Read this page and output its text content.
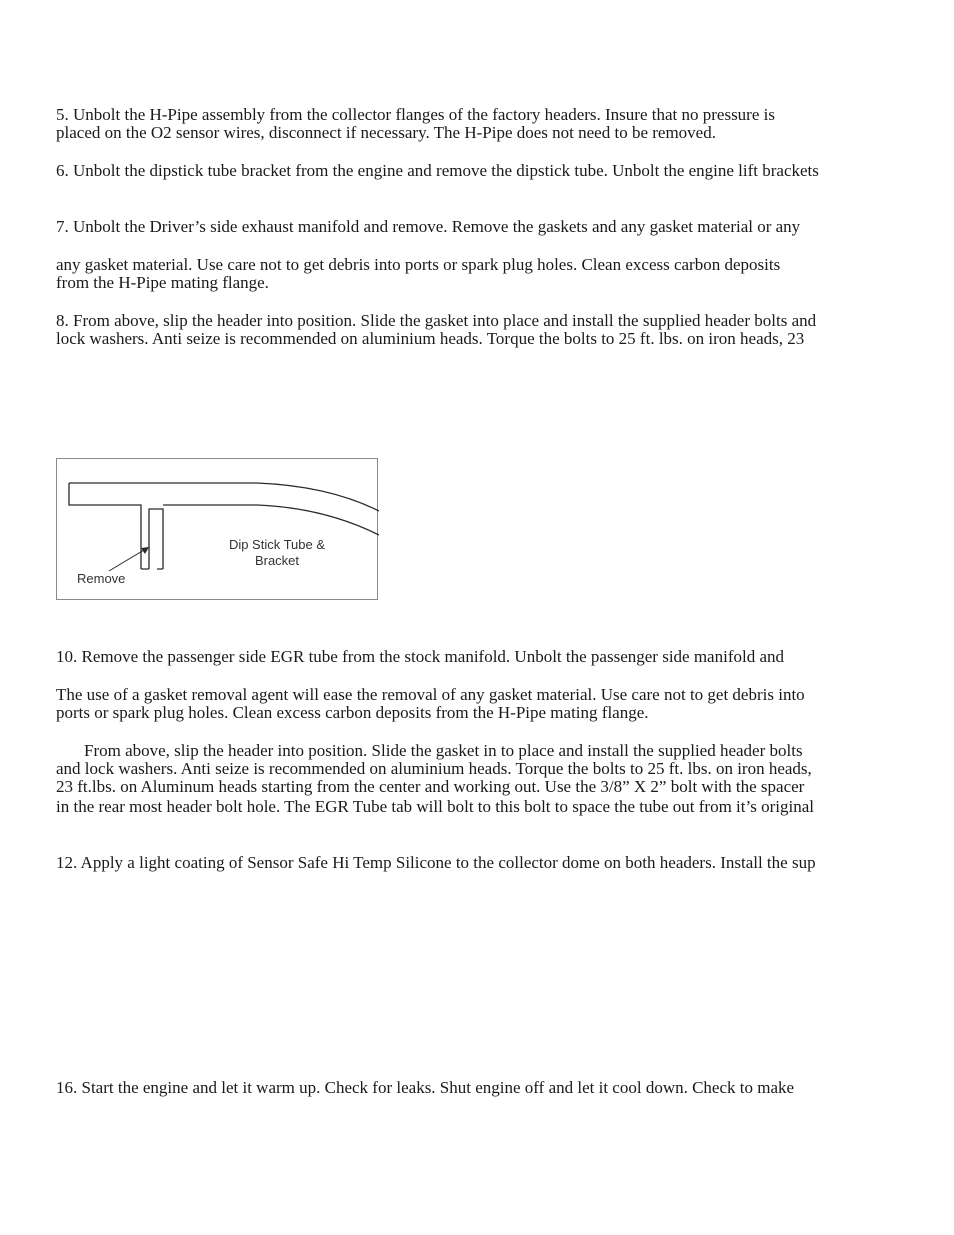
5. Unbolt the H-Pipe assembly from the collector flanges of the factory headers. Insure that no pressure is
placed on the O2 sensor wires, disconnect if necessary. The H-Pipe does not need to be removed.
6. Unbolt the dipstick tube bracket from the engine and remove the dipstick tube. Unbolt the engine lift brackets
7. Unbolt the Driver’s side exhaust manifold and remove. Remove the gaskets and any gasket material or any
any gasket material. Use care not to get debris into ports or spark plug holes. Clean excess carbon deposits
from the H-Pipe mating flange.
8. From above, slip the header into position. Slide the gasket into place and install the supplied header bolts and
lock washers. Anti seize is recommended on aluminium heads. Torque the bolts to 25 ft. lbs. on iron heads, 23
Remove
Dip Stick Tube &
Bracket
10. Remove the passenger side EGR tube from the stock manifold. Unbolt the passenger side manifold and
The use of a gasket removal agent will ease the removal of any gasket material. Use care not to get debris into
ports or spark plug holes. Clean excess carbon deposits from the H-Pipe mating flange.
From above, slip the header into position. Slide the gasket in to place and install the supplied header bolts
and lock washers. Anti seize is recommended on aluminium heads. Torque the bolts to 25 ft. lbs. on iron heads,
23 ft.lbs. on Aluminum heads starting from the center and working out. Use the 3/8” X 2” bolt with the spacer
in the rear most header bolt hole. The EGR Tube tab will bolt to this bolt to space the tube out from it’s original
12. Apply a light coating of Sensor Safe Hi Temp Silicone to the collector dome on both headers. Install the sup
16. Start the engine and let it warm up. Check for leaks. Shut engine off and let it cool down. Check to make
